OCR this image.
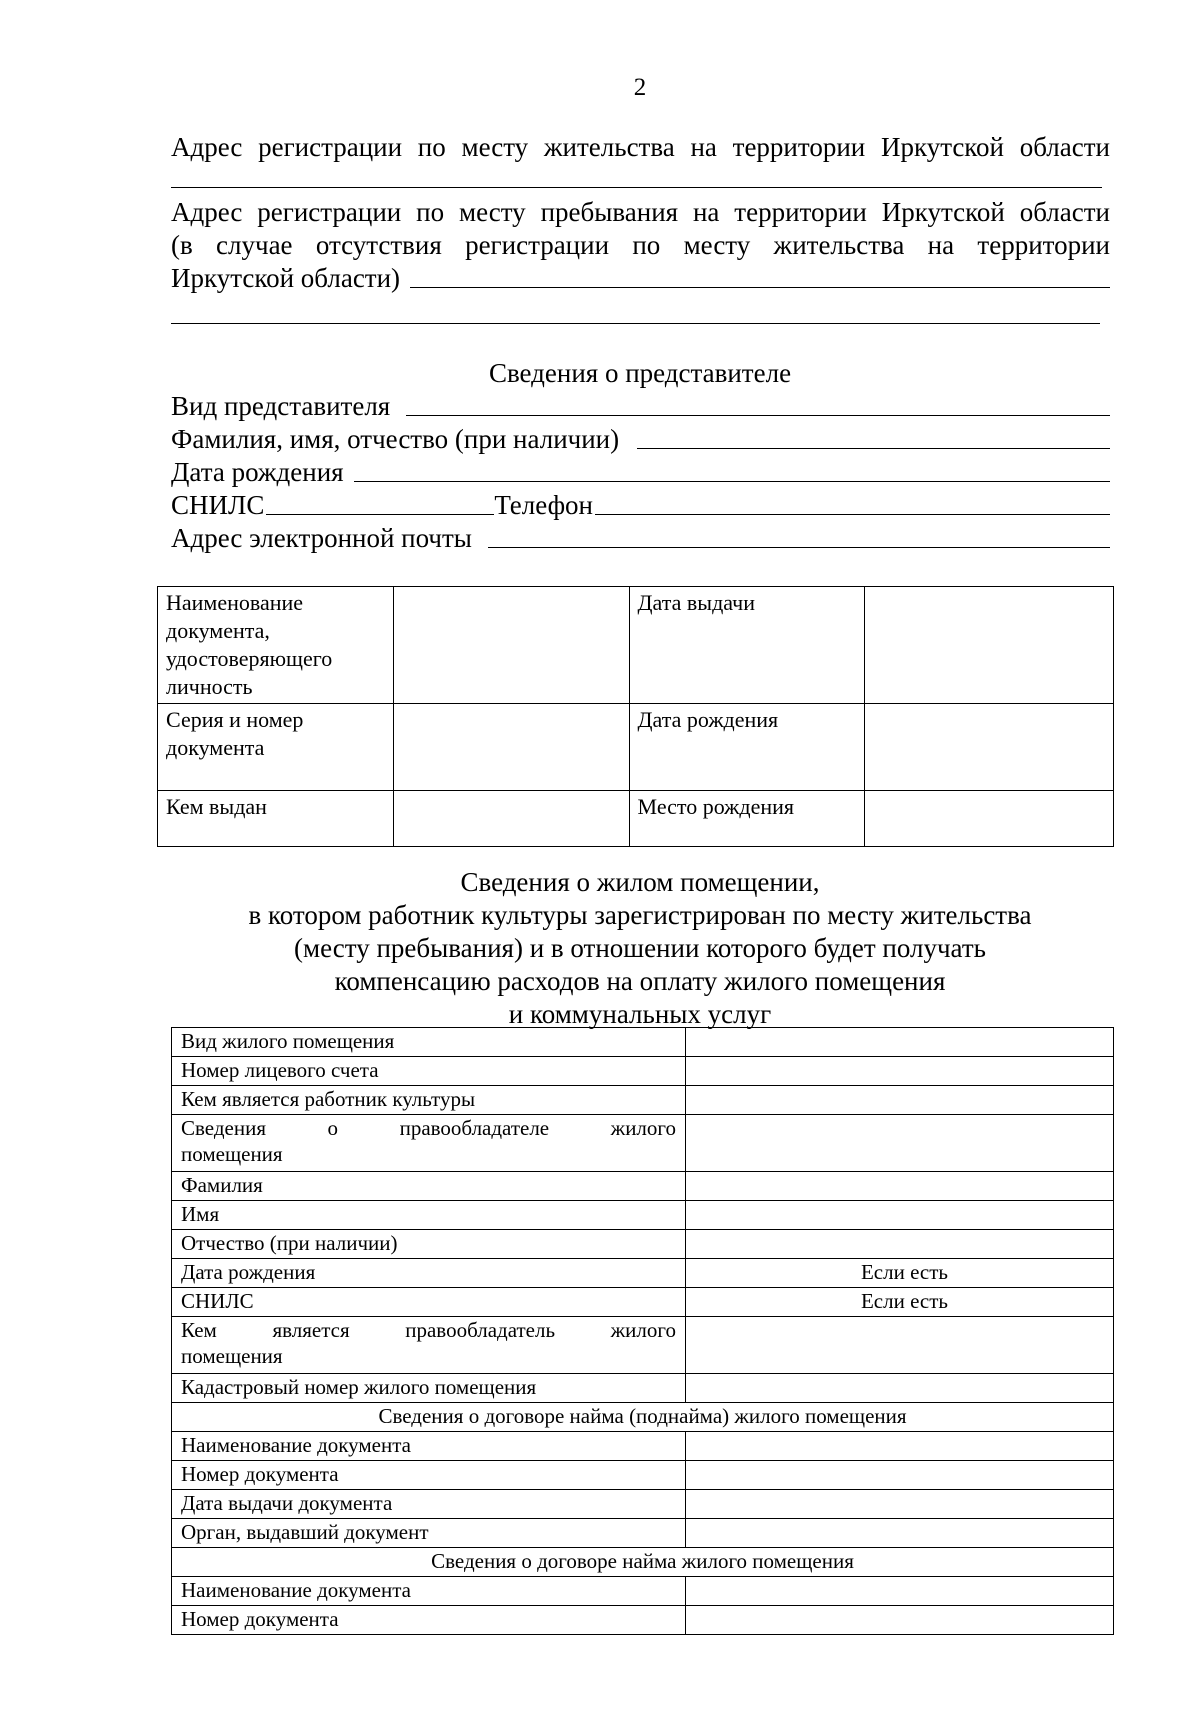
2
Адрес регистрации по месту жительства на территории Иркутской области
Адрес регистрации по месту пребывания на территории Иркутской области
(в случае отсутствия регистрации по месту жительства на территории
Иркутской области)
Сведения о представителе
Вид представителя
Фамилия, имя, отчество (при наличии)
Дата рождения
СНИЛС	Телефон
Адрес электронной почты
Наименование документа, удостоверяющего личность		Дата выдачи	
Серия и номер документа		Дата рождения	
Кем выдан		Место рождения	
Сведения о жилом помещении,
в котором работник культуры зарегистрирован по месту жительства
(месту пребывания) и в отношении которого будет получать
компенсацию расходов на оплату жилого помещения
и коммунальных услуг
Вид жилого помещения	
Номер лицевого счета	
Кем является работник культуры	

Сведения о правообладателе жилого
помещения	
Фамилия	
Имя	
Отчество (при наличии)	
Дата рождения	Если есть
СНИЛС	Если есть

Кем является правообладатель жилого
помещения	
Кадастровый номер жилого помещения	
Сведения о договоре найма (поднайма) жилого помещения	
Наименование документа	
Номер документа	
Дата выдачи документа	
Орган, выдавший документ	
Сведения о договоре найма жилого помещения	
Наименование документа	
Номер документа	
